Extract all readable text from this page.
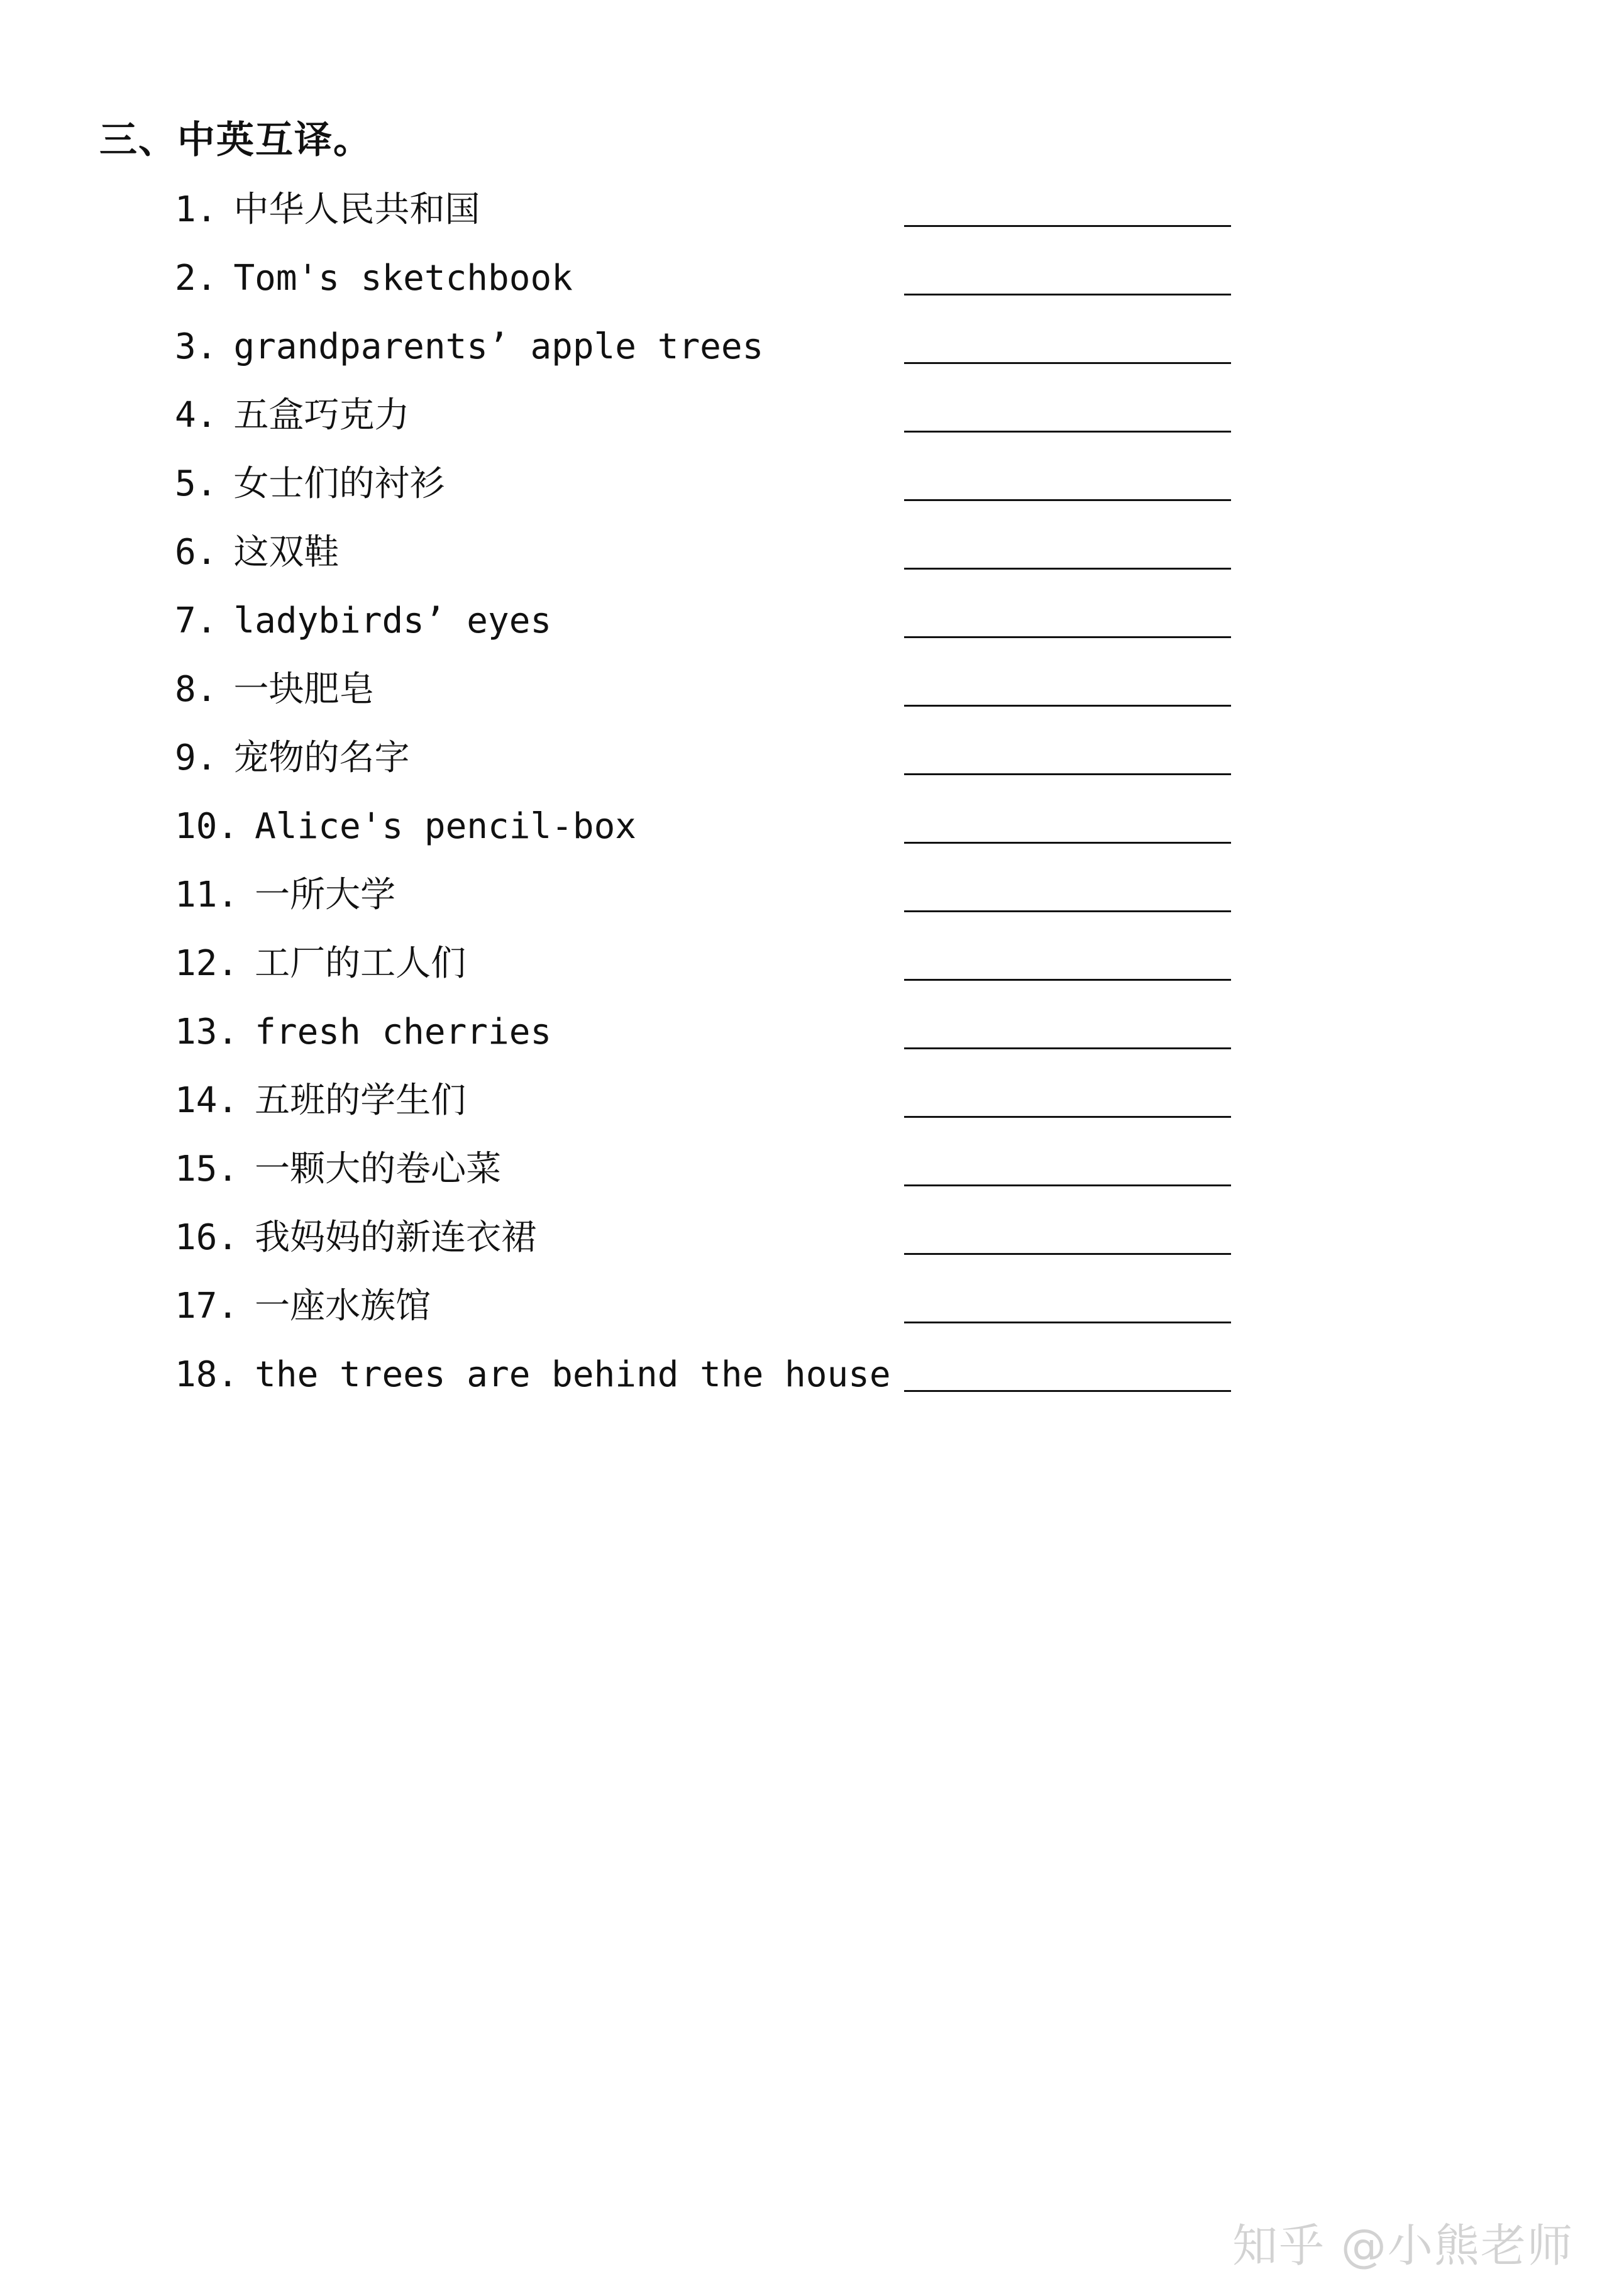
三、中英互译。
1. 中华人民共和国
2. Tom's sketchbook
3. grandparents’ apple trees
4. 五盒巧克力
5. 女士们的衬衫
6. 这双鞋
7. ladybirds’ eyes
8. 一块肥皂
9. 宠物的名字
10. Alice's pencil-box
11. 一所大学
12. 工厂的工人们
13. fresh cherries
14. 五班的学生们
15. 一颗大的卷心菜
16. 我妈妈的新连衣裙
17. 一座水族馆
18. the trees are behind the house
知乎 @小熊老师
